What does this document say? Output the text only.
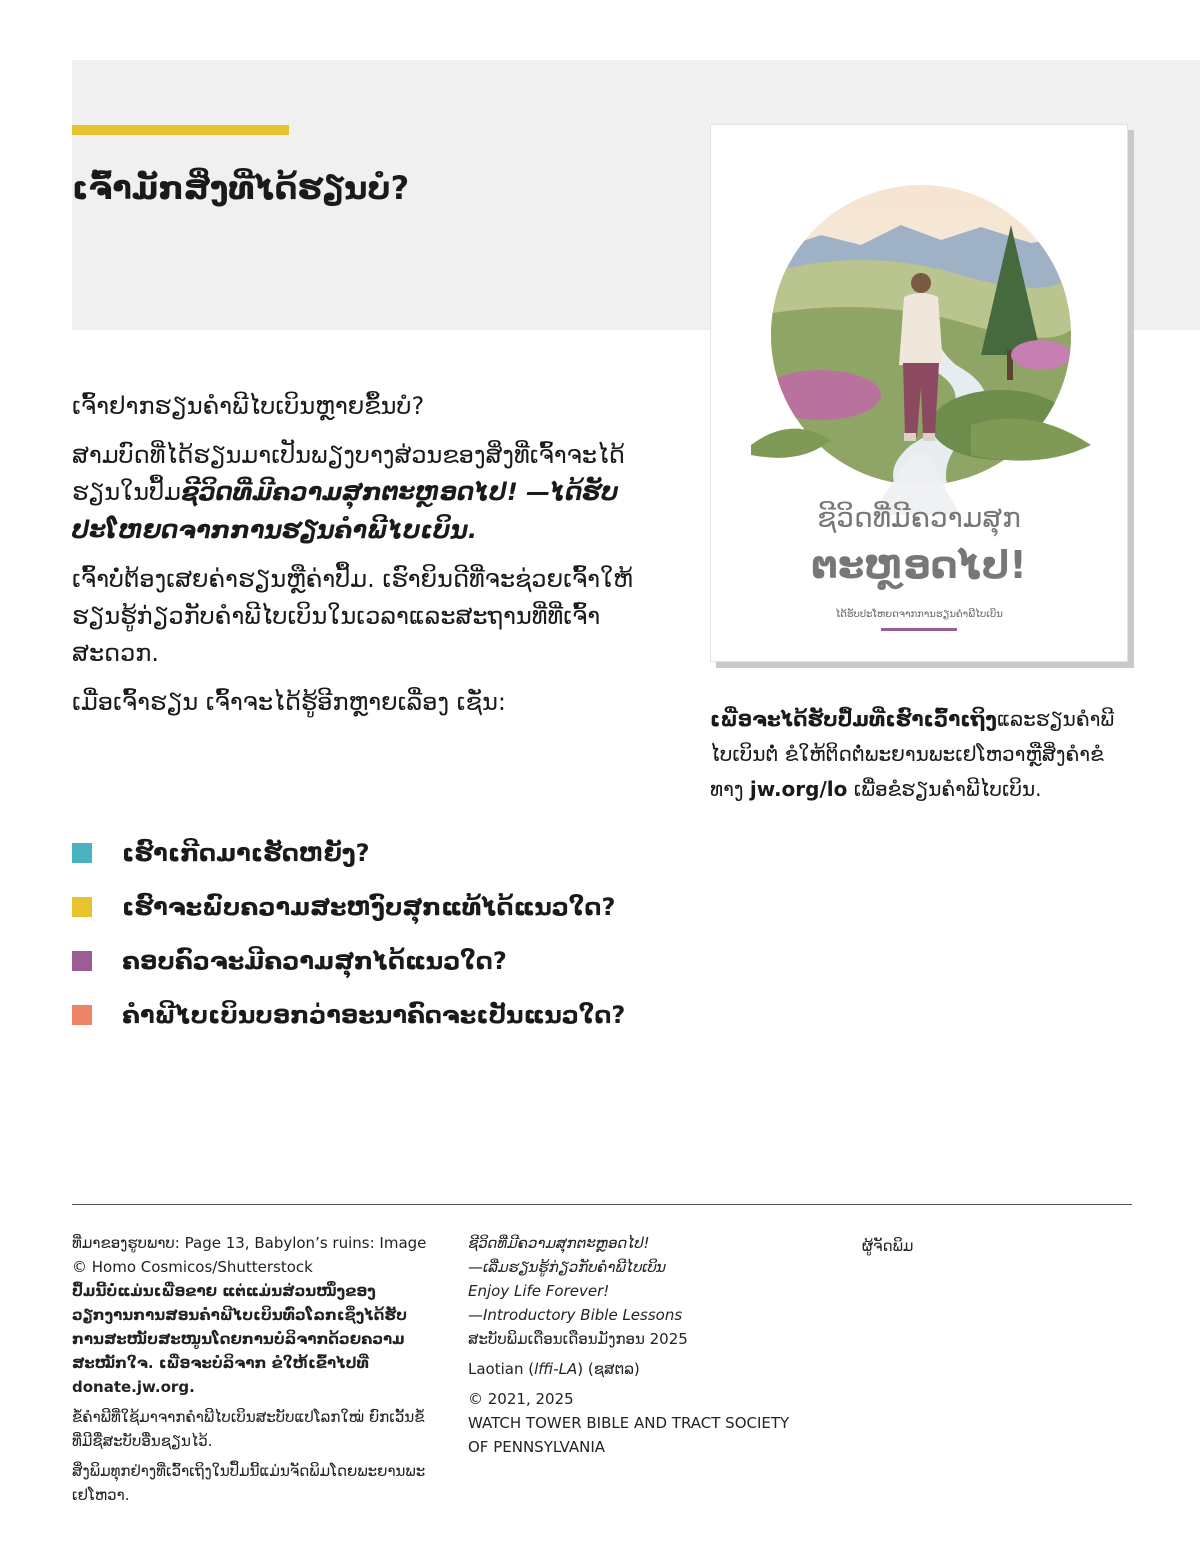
ເຈົ້າມັກສິ່ງທີ່ໄດ້ຮຽນບໍ?

ເຈົ້າຢາກຮຽນຄຳພີໄບເບິນຫຼາຍຂຶ້ນບໍ?

ສາມບົດທີ່ໄດ້ຮຽນມາເປັນພຽງບາງສ່ວນຂອງສິ່ງທີ່ເຈົ້າຈະໄດ້ຮຽນໃນປຶ້ມຊີວິດທີ່ມີຄວາມສຸກຕະຫຼອດໄປ! —ໄດ້ຮັບປະໂຫຍດຈາກການຮຽນຄຳພີໄບເບິນ.

ເຈົ້າບໍ່ຕ້ອງເສຍຄ່າຮຽນຫຼືຄ່າປຶ້ມ. ເຮົາຍິນດີທີ່ຈະຊ່ວຍເຈົ້າໃຫ້ຮຽນຮູ້ກ່ຽວກັບຄຳພີໄບເບິນໃນເວລາແລະສະຖານທີ່ທີ່ເຈົ້າສະດວກ.

ເມື່ອເຈົ້າຮຽນ ເຈົ້າຈະໄດ້ຮູ້ອີກຫຼາຍເລື່ອງ ເຊັ່ນ:

ເຮົາເກີດມາເຮັດຫຍັງ?
ເຮົາຈະພົບຄວາມສະຫງົບສຸກແທ້ໄດ້ແນວໃດ?
ຄອບຄົວຈະມີຄວາມສຸກໄດ້ແນວໃດ?
ຄຳພີໄບເບິນບອກວ່າອະນາຄົດຈະເປັນແນວໃດ?
ຊີວິດທີ່ມີຄວາມສຸກ
ຕະຫຼອດໄປ!
ໄດ້ຮັບປະໂຫຍດຈາກການຮຽນຄຳພີໄບເບິນ
ເພື່ອຈະໄດ້ຮັບປຶ້ມທີ່ເຮົາເວົ້າເຖິງແລະຮຽນຄຳພີໄບເບິນຕໍ່ ຂໍໃຫ້ຕິດຕໍ່ພະຍານພະເຢໂຫວາຫຼືສິ່ງຄຳຂໍທາງ jw.org/lo ເພື່ອຂໍຮຽນຄຳພີໄບເບິນ.

ທີ່ມາຂອງຮູບພາບ: Page 13, Babylon’s ruins: Image © Homo Cosmicos/Shutterstock

ປຶ້ມນີ້ບໍ່ແມ່ນເພື່ອຂາຍ ແຕ່ແມ່ນສ່ວນໜຶ່ງຂອງວຽກງານການສອນຄຳພີໄບເບິນທົ່ວໂລກເຊິ່ງໄດ້ຮັບການສະໜັບສະໜູນໂດຍການບໍລິຈາກດ້ວຍຄວາມສະໝັກໃຈ. ເພື່ອຈະບໍລິຈາກ ຂໍໃຫ້ເຂົ້າໄປທີ່ donate.jw.org.

ຂໍ້ຄຳພີທີ່ໃຊ້ມາຈາກຄຳພີໄບເບິນສະບັບແປໂລກໃໝ່ ຍົກເວັ້ນຂໍ້ທີ່ມີຊື່ສະບັບອື່ນຊຽນໄວ້.

ສິ່ງພິມທຸກຢ່າງທີ່ເວົ້າເຖິງໃນປຶ້ມນີ້ແມ່ນຈັດພິມໂດຍພະຍານພະເຢໂຫວາ.

ຊີວິດທີ່ມີຄວາມສຸກຕະຫຼອດໄປ!

—ເລີ່ມຮຽນຮູ້ກ່ຽວກັບຄຳພີໄບເບິນ

Enjoy Life Forever!

—Introductory Bible Lessons

ສະບັບພິມເດືອນເດືອນມັງກອນ 2025

Laotian (lffi-LA) (ຊສຕລ)

© 2021, 2025

WATCH TOWER BIBLE AND TRACT SOCIETY

OF PENNSYLVANIA

ຜູ້ຈັດພິມ
